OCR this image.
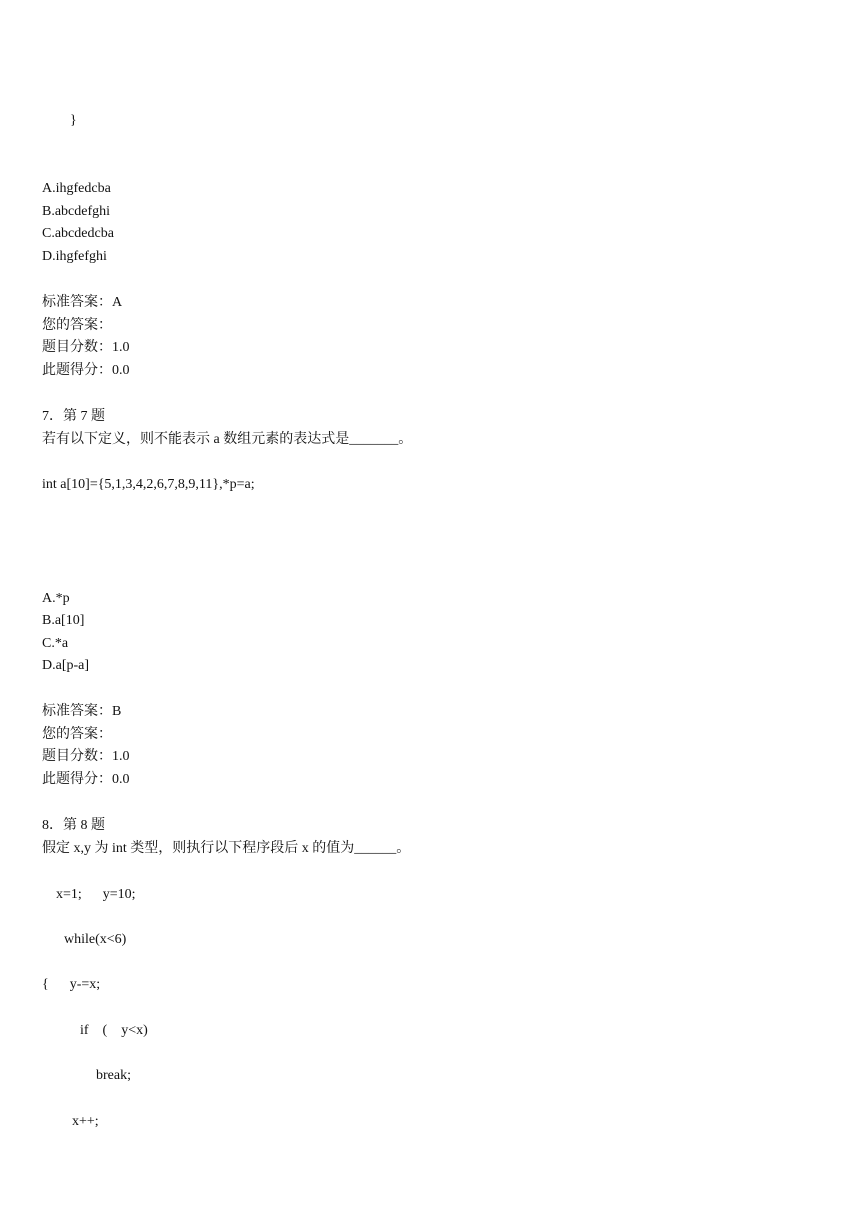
}

A.ihgfedcba

B.abcdefghi

C.abcdedcba

D.ihgfefghi

标准答案：A

您的答案：

题目分数：1.0

此题得分：0.0

7．第 7 题

若有以下定义，则不能表示 a 数组元素的表达式是_______。

int a[10]={5,1,3,4,2,6,7,8,9,11},*p=a;

A.*p

B.a[10]

C.*a

D.a[p-a]

标准答案：B

您的答案：

题目分数：1.0

此题得分：0.0

8．第 8 题

假定 x,y 为 int 类型，则执行以下程序段后 x 的值为______。

x=1;      y=10;

while(x<6)

{      y-=x;

if    (    y<x)

break;

x++;
